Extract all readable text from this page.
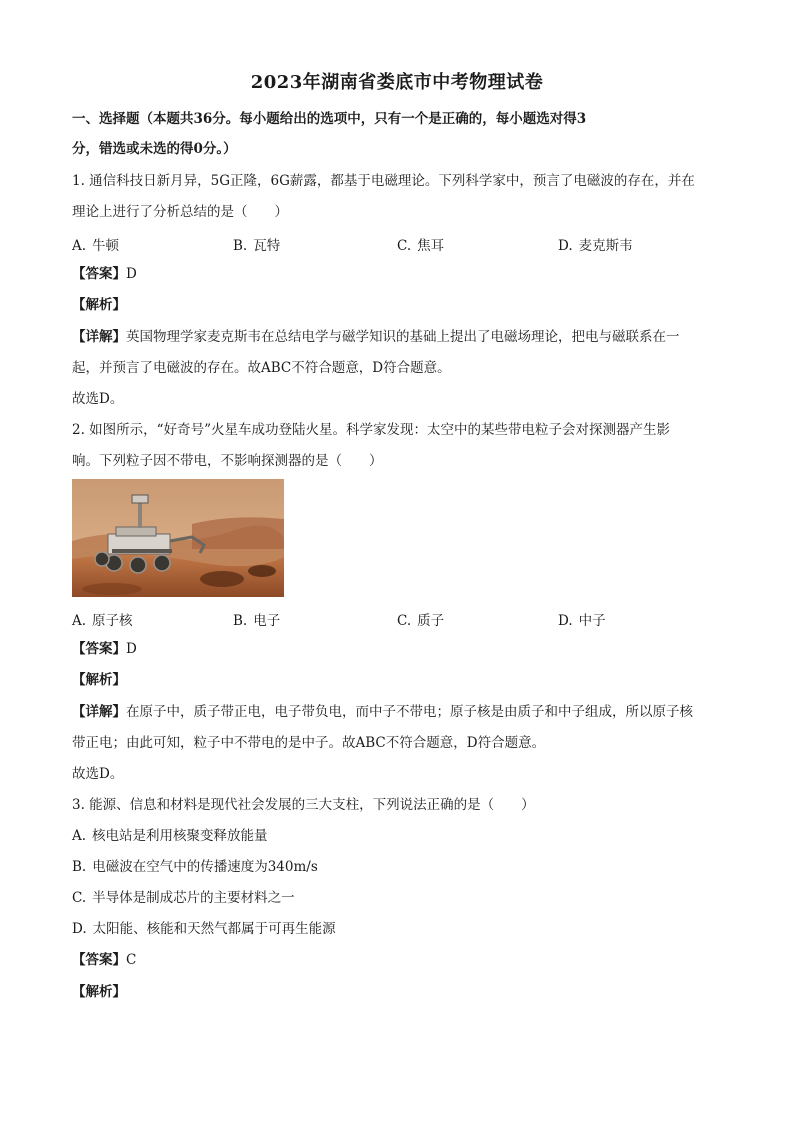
2023年湖南省娄底市中考物理试卷
一、选择题（本题共36分。每小题给出的选项中，只有一个是正确的，每小题选对得3
分，错选或未选的得0分。）
1. 通信科技日新月异，5G正隆，6G薪露，都基于电磁理论。下列科学家中，预言了电磁波的存在，并在
理论上进行了分析总结的是（　　）
A. 牛顿	B. 瓦特	C. 焦耳	D. 麦克斯韦
【答案】D
【解析】
【详解】英国物理学家麦克斯韦在总结电学与磁学知识的基础上提出了电磁场理论，把电与磁联系在一
起，并预言了电磁波的存在。故ABC不符合题意，D符合题意。
故选D。
2. 如图所示，“好奇号”火星车成功登陆火星。科学家发现：太空中的某些带电粒子会对探测器产生影
响。下列粒子因不带电，不影响探测器的是（　　）
A. 原子核	B. 电子	C. 质子	D. 中子
【答案】D
【解析】
【详解】在原子中，质子带正电，电子带负电，而中子不带电；原子核是由质子和中子组成，所以原子核
带正电；由此可知，粒子中不带电的是中子。故ABC不符合题意，D符合题意。
故选D。
3. 能源、信息和材料是现代社会发展的三大支柱，下列说法正确的是（　　）
A. 核电站是利用核聚变释放能量
B. 电磁波在空气中的传播速度为340m/s
C. 半导体是制成芯片的主要材料之一
D. 太阳能、核能和天然气都属于可再生能源
【答案】C
【解析】
